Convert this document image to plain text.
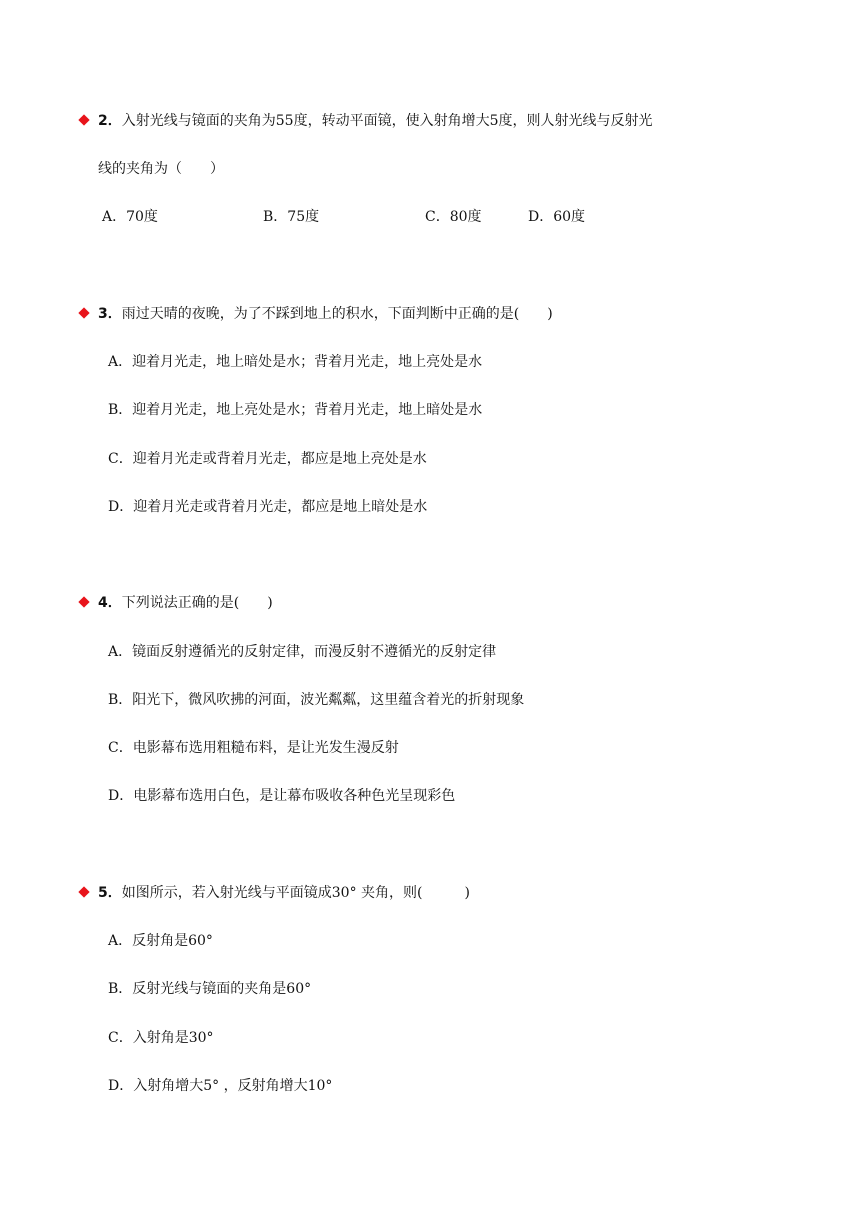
2．入射光线与镜面的夹角为55度，转动平面镜，使入射角增大5度，则人射光线与反射光
线的夹角为（　　）
A．70度	B．75度	C．80度	D．60度
3．雨过天晴的夜晚，为了不踩到地上的积水，下面判断中正确的是(　　)
A．迎着月光走，地上暗处是水；背着月光走，地上亮处是水
B．迎着月光走，地上亮处是水；背着月光走，地上暗处是水
C．迎着月光走或背着月光走，都应是地上亮处是水
D．迎着月光走或背着月光走，都应是地上暗处是水
4．下列说法正确的是(　　)
A．镜面反射遵循光的反射定律，而漫反射不遵循光的反射定律
B．阳光下，微风吹拂的河面，波光粼粼，这里蕴含着光的折射现象
C．电影幕布选用粗糙布料，是让光发生漫反射
D．电影幕布选用白色，是让幕布吸收各种色光呈现彩色
5．如图所示，若入射光线与平面镜成30° 夹角，则(　　　)
A．反射角是60°
B．反射光线与镜面的夹角是60°
C．入射角是30°
D．入射角增大5° ，反射角增大10°
